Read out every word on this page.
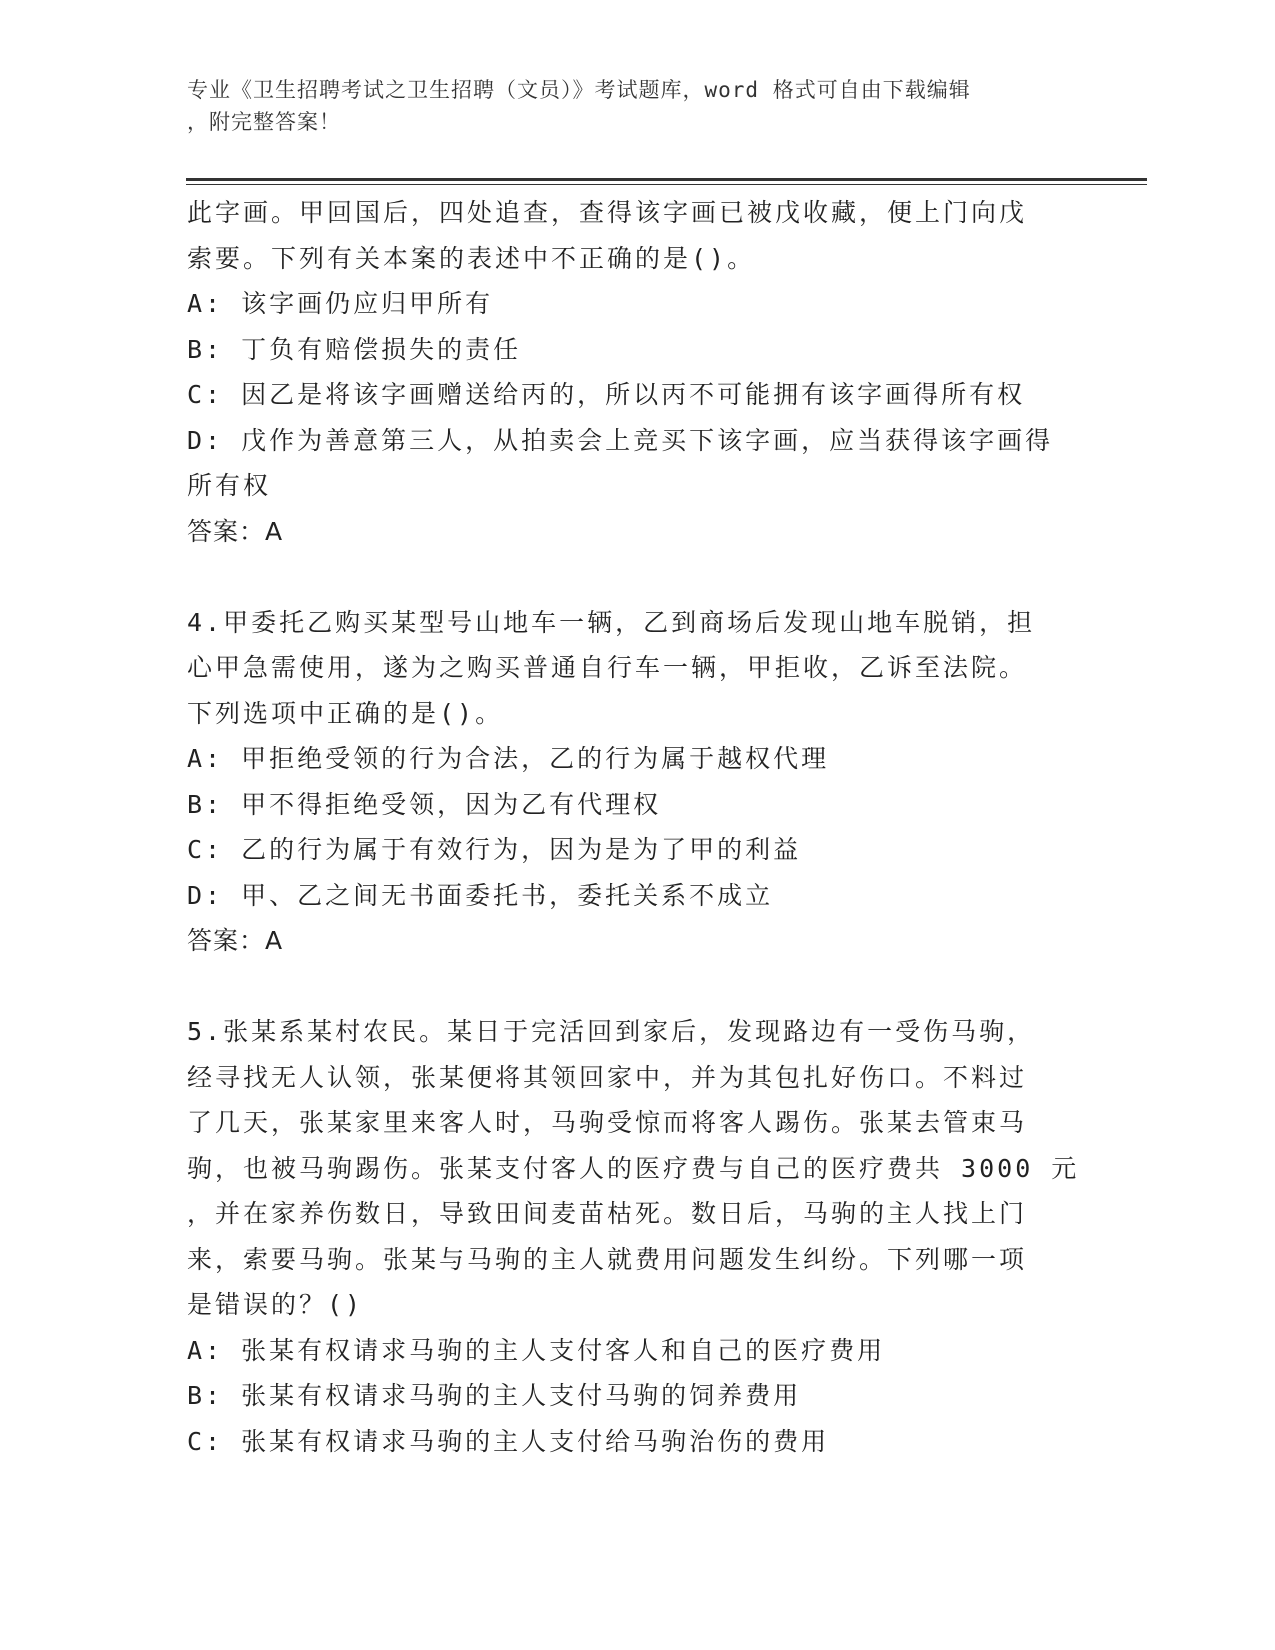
专业《卫生招聘考试之卫生招聘（文员）》考试题库，word 格式可自由下载编辑
，附完整答案！
此字画。甲回国后，四处追查，查得该字画已被戊收藏，便上门向戊
索要。下列有关本案的表述中不正确的是()。
A: 该字画仍应归甲所有
B: 丁负有赔偿损失的责任
C: 因乙是将该字画赠送给丙的，所以丙不可能拥有该字画得所有权
D: 戊作为善意第三人，从拍卖会上竞买下该字画，应当获得该字画得
所有权
答案：A
4.甲委托乙购买某型号山地车一辆，乙到商场后发现山地车脱销，担
心甲急需使用，遂为之购买普通自行车一辆，甲拒收，乙诉至法院。
下列选项中正确的是()。
A: 甲拒绝受领的行为合法，乙的行为属于越权代理
B: 甲不得拒绝受领，因为乙有代理权
C: 乙的行为属于有效行为，因为是为了甲的利益
D: 甲、乙之间无书面委托书，委托关系不成立
答案：A
5.张某系某村农民。某日于完活回到家后，发现路边有一受伤马驹，
经寻找无人认领，张某便将其领回家中，并为其包扎好伤口。不料过
了几天，张某家里来客人时，马驹受惊而将客人踢伤。张某去管束马
驹，也被马驹踢伤。张某支付客人的医疗费与自己的医疗费共 3000 元
，并在家养伤数日，导致田间麦苗枯死。数日后，马驹的主人找上门
来，索要马驹。张某与马驹的主人就费用问题发生纠纷。下列哪一项
是错误的？()
A: 张某有权请求马驹的主人支付客人和自己的医疗费用
B: 张某有权请求马驹的主人支付马驹的饲养费用
C: 张某有权请求马驹的主人支付给马驹治伤的费用
